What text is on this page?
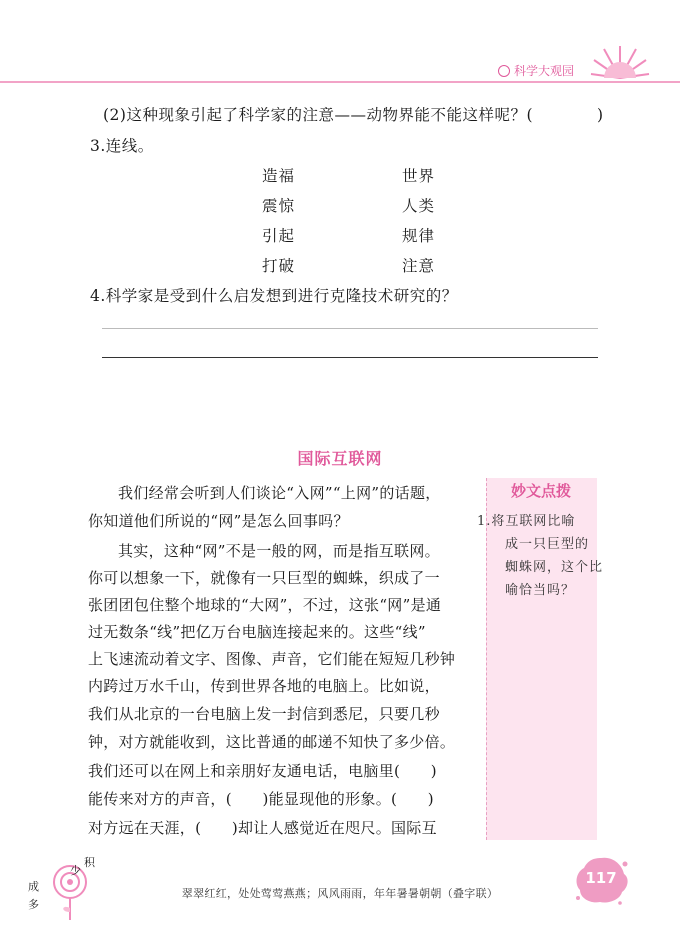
科学大观园
(2)这种现象引起了科学家的注意——动物界能不能这样呢？(　　　　)
3.连线。
造福
震惊
引起
打破
世界
人类
规律
注意
4.科学家是受到什么启发想到进行克隆技术研究的？
国际互联网
妙文点拨
1.将互联网比喻
成一只巨型的
蜘蛛网，这个比
喻恰当吗？
我们经常会听到人们谈论“入网”“上网”的话题，
你知道他们所说的“网”是怎么回事吗？
其实，这种“网”不是一般的网，而是指互联网。
你可以想象一下，就像有一只巨型的蜘蛛，织成了一
张团团包住整个地球的“大网”，不过，这张“网”是通
过无数条“线”把亿万台电脑连接起来的。这些“线”
上飞速流动着文字、图像、声音，它们能在短短几秒钟
内跨过万水千山，传到世界各地的电脑上。比如说，
我们从北京的一台电脑上发一封信到悉尼，只要几秒
钟，对方就能收到，这比普通的邮递不知快了多少倍。
我们还可以在网上和亲朋好友通电话，电脑里(　　)
能传来对方的声音，(　　)能显现他的形象。(　　)
对方远在天涯，(　　)却让人感觉近在咫尺。国际互
积
少
成
多
翠翠红红，处处莺莺燕燕；风风雨雨，年年暑暑朝朝（叠字联）
117
